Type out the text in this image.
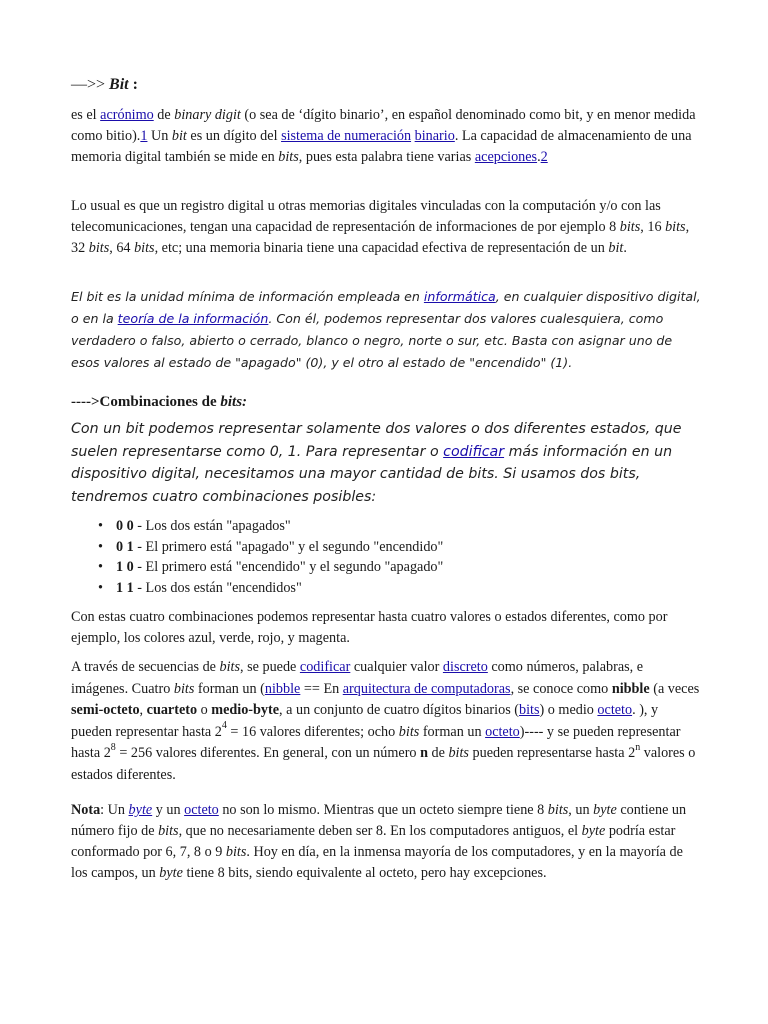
—>> Bit :

es el acrónimo de binary digit (o sea de ‘dígito binario’, en español denominado como bit, y en menor medida como bitio).1 Un bit es un dígito del sistema de numeración binario. La capacidad de almacenamiento de una memoria digital también se mide en bits, pues esta palabra tiene varias acepciones.2

Lo usual es que un registro digital u otras memorias digitales vinculadas con la computación y/o con las telecomunicaciones, tengan una capacidad de representación de informaciones de por ejemplo 8 bits, 16 bits, 32 bits, 64 bits, etc; una memoria binaria tiene una capacidad efectiva de representación de un bit.

El bit es la unidad mínima de información empleada en informática, en cualquier dispositivo digital, o en la teoría de la información. Con él, podemos representar dos valores cualesquiera, como verdadero o falso, abierto o cerrado, blanco o negro, norte o sur, etc. Basta con asignar uno de esos valores al estado de "apagado" (0), y el otro al estado de "encendido" (1).

---->Combinaciones de bits:

Con un bit podemos representar solamente dos valores o dos diferentes estados, que suelen representarse como 0, 1. Para representar o codificar más información en un dispositivo digital, necesitamos una mayor cantidad de bits. Si usamos dos bits, tendremos cuatro combinaciones posibles:

• 0 0 - Los dos están "apagados"
• 0 1 - El primero está "apagado" y el segundo "encendido"
• 1 0 - El primero está "encendido" y el segundo "apagado"
• 1 1 - Los dos están "encendidos"

Con estas cuatro combinaciones podemos representar hasta cuatro valores o estados diferentes, como por ejemplo, los colores azul, verde, rojo, y magenta.

A través de secuencias de bits, se puede codificar cualquier valor discreto como números, palabras, e imágenes. Cuatro bits forman un (nibble == En arquitectura de computadoras, se conoce como nibble (a veces semi-octeto, cuarteto o medio-byte, a un conjunto de cuatro dígitos binarios (bits) o medio octeto. ), y pueden representar hasta $2^4 = 16$ valores diferentes; ocho bits forman un octeto)---- y se pueden representar hasta $2^8 = 256$ valores diferentes. En general, con un número n de bits pueden representarse hasta 2$^n$ valores o estados diferentes.

Nota: Un byte y un octeto no son lo mismo. Mientras que un octeto siempre tiene 8 bits, un byte contiene un número fijo de bits, que no necesariamente deben ser 8. En los computadores antiguos, el byte podría estar conformado por 6, 7, 8 o 9 bits. Hoy en día, en la inmensa mayoría de los computadores, y en la mayoría de los campos, un byte tiene 8 bits, siendo equivalente al octeto, pero hay excepciones.
